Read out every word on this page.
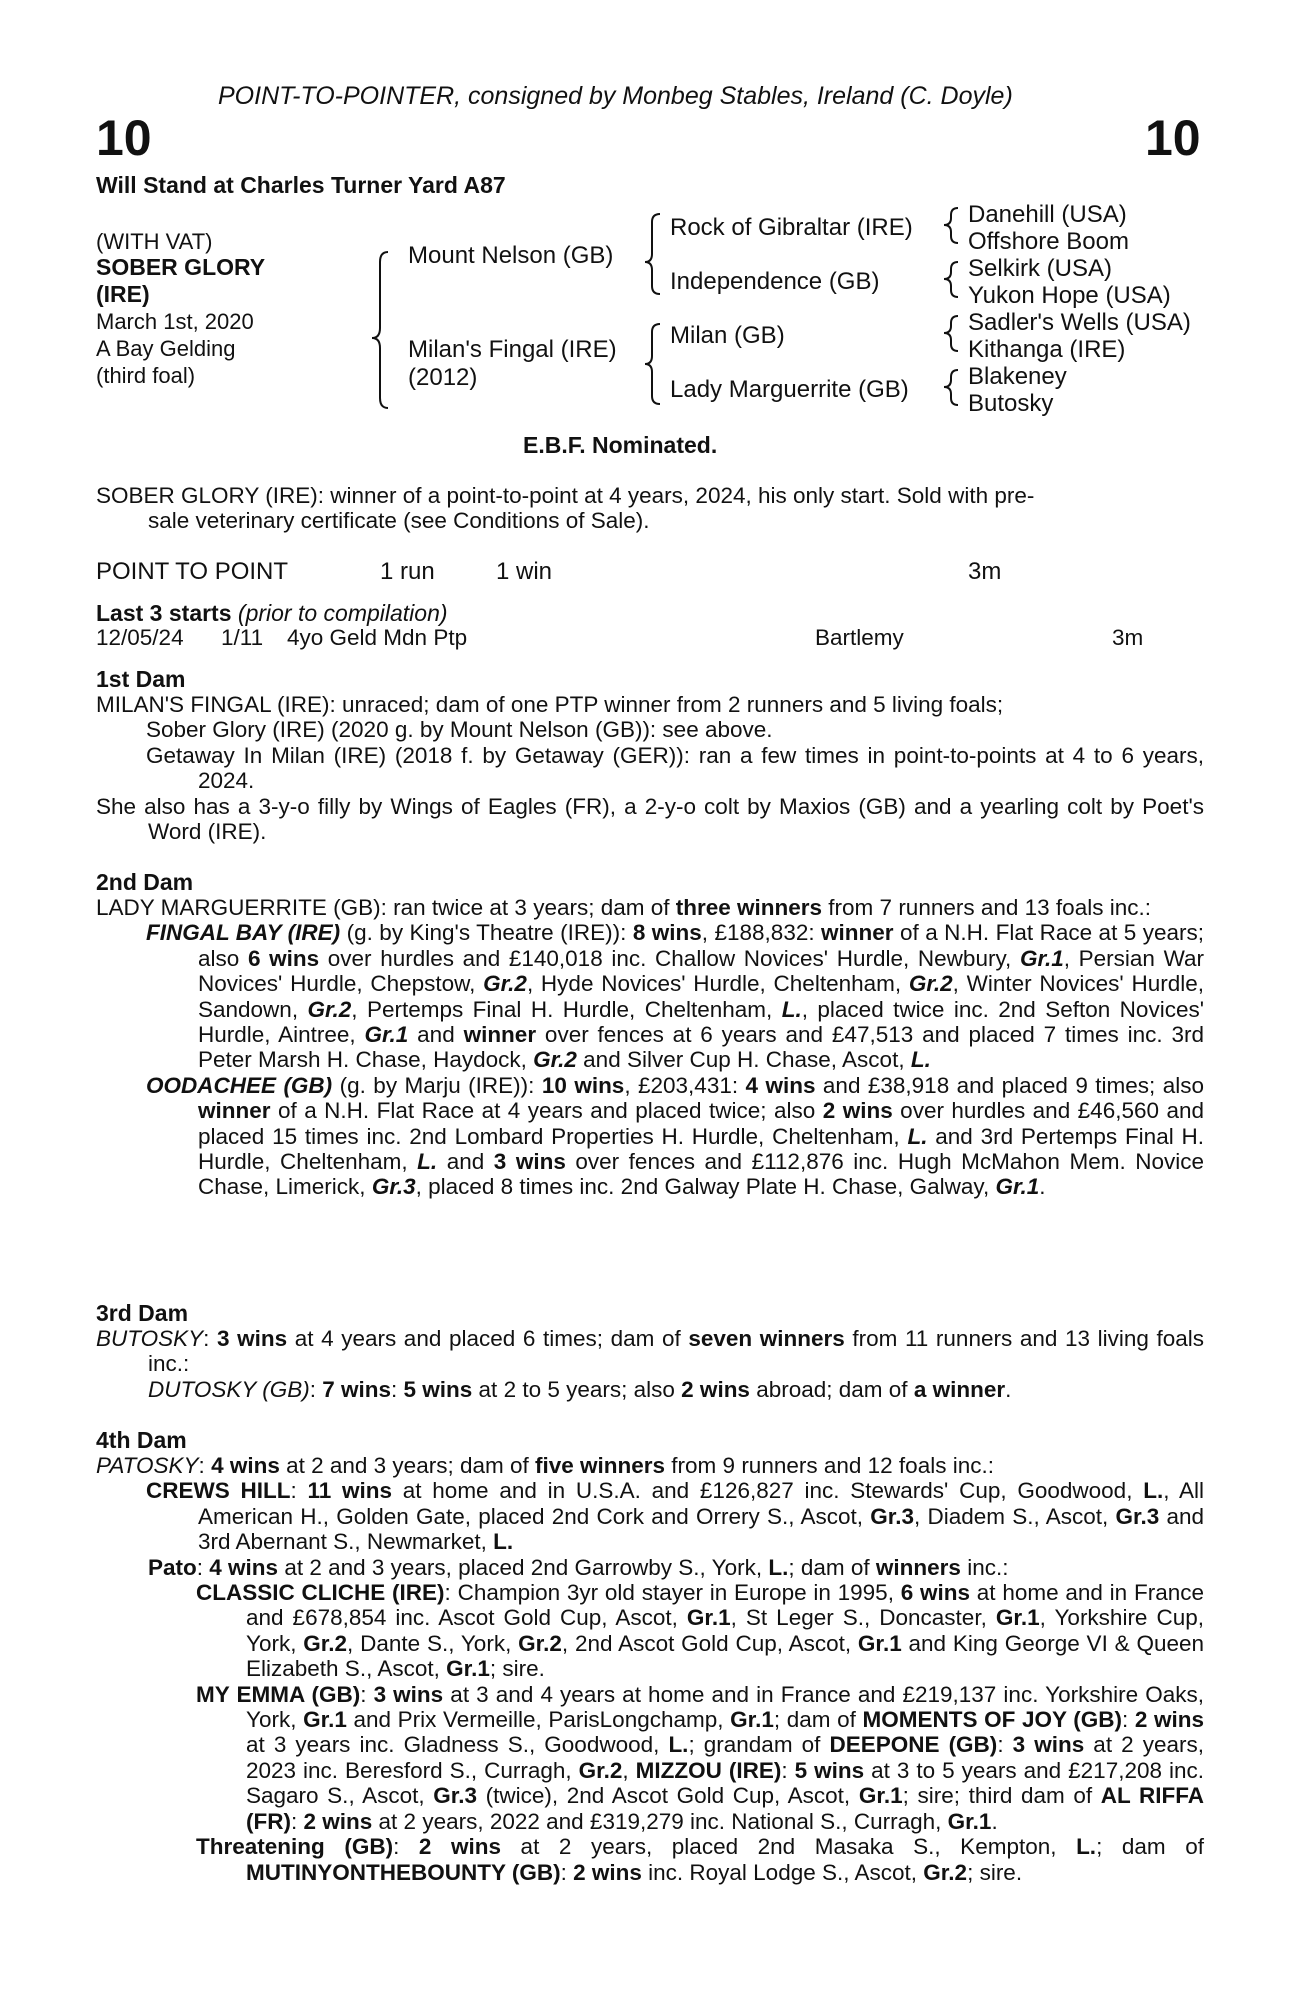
POINT-TO-POINTER, consigned by Monbeg Stables, Ireland (C. Doyle)
10	10
Will Stand at Charles Turner Yard A87
(WITH VAT)
SOBER GLORY
(IRE)
March 1st, 2020
A Bay Gelding
(third foal)
Mount Nelson (GB)
Milan's Fingal (IRE)
(2012)
Rock of Gibraltar (IRE)
Independence (GB)
Milan (GB)
Lady Marguerrite (GB)
Danehill (USA)
Offshore Boom
Selkirk (USA)
Yukon Hope (USA)
Sadler's Wells (USA)
Kithanga (IRE)
Blakeney
Butosky
E.B.F. Nominated.

SOBER GLORY (IRE): winner of a point-to-point at 4 years, 2024, his only start. Sold with pre-

sale veterinary certificate (see Conditions of Sale).

POINT TO POINT	1 run	1 win	3m
Last 3 starts (prior to compilation)
12/05/24 1/11 4yo Geld Mdn Ptp	Bartlemy	3m
1st Dam

MILAN'S FINGAL (IRE): unraced; dam of one PTP winner from 2 runners and 5 living foals;

Sober Glory (IRE) (2020 g. by Mount Nelson (GB)): see above.

Getaway In Milan (IRE) (2018 f. by Getaway (GER)): ran a few times in point-to-points at 4 to 6 years, 2024.

She also has a 3-y-o filly by Wings of Eagles (FR), a 2-y-o colt by Maxios (GB) and a yearling colt by Poet's Word (IRE).

2nd Dam

LADY MARGUERRITE (GB): ran twice at 3 years; dam of three winners from 7 runners and 13 foals inc.:

FINGAL BAY (IRE) (g. by King's Theatre (IRE)): 8 wins, £188,832: winner of a N.H. Flat Race at 5 years; also 6 wins over hurdles and £140,018 inc. Challow Novices' Hurdle, Newbury, Gr.1, Persian War Novices' Hurdle, Chepstow, Gr.2, Hyde Novices' Hurdle, Cheltenham, Gr.2, Winter Novices' Hurdle, Sandown, Gr.2, Pertemps Final H. Hurdle, Cheltenham, L., placed twice inc. 2nd Sefton Novices' Hurdle, Aintree, Gr.1 and winner over fences at 6 years and £47,513 and placed 7 times inc. 3rd Peter Marsh H. Chase, Haydock, Gr.2 and Silver Cup H. Chase, Ascot, L.

OODACHEE (GB) (g. by Marju (IRE)): 10 wins, £203,431: 4 wins and £38,918 and placed 9 times; also winner of a N.H. Flat Race at 4 years and placed twice; also 2 wins over hurdles and £46,560 and placed 15 times inc. 2nd Lombard Properties H. Hurdle, Cheltenham, L. and 3rd Pertemps Final H. Hurdle, Cheltenham, L. and 3 wins over fences and £112,876 inc. Hugh McMahon Mem. Novice Chase, Limerick, Gr.3, placed 8 times inc. 2nd Galway Plate H. Chase, Galway, Gr.1.

3rd Dam

BUTOSKY: 3 wins at 4 years and placed 6 times; dam of seven winners from 11 runners and 13 living foals inc.:

DUTOSKY (GB): 7 wins: 5 wins at 2 to 5 years; also 2 wins abroad; dam of a winner.

4th Dam

PATOSKY: 4 wins at 2 and 3 years; dam of five winners from 9 runners and 12 foals inc.:

CREWS HILL: 11 wins at home and in U.S.A. and £126,827 inc. Stewards' Cup, Goodwood, L., All American H., Golden Gate, placed 2nd Cork and Orrery S., Ascot, Gr.3, Diadem S., Ascot, Gr.3 and 3rd Abernant S., Newmarket, L.

Pato: 4 wins at 2 and 3 years, placed 2nd Garrowby S., York, L.; dam of winners inc.:

CLASSIC CLICHE (IRE): Champion 3yr old stayer in Europe in 1995, 6 wins at home and in France and £678,854 inc. Ascot Gold Cup, Ascot, Gr.1, St Leger S., Doncaster, Gr.1, Yorkshire Cup, York, Gr.2, Dante S., York, Gr.2, 2nd Ascot Gold Cup, Ascot, Gr.1 and King George VI & Queen Elizabeth S., Ascot, Gr.1; sire.

MY EMMA (GB): 3 wins at 3 and 4 years at home and in France and £219,137 inc. Yorkshire Oaks, York, Gr.1 and Prix Vermeille, ParisLongchamp, Gr.1; dam of MOMENTS OF JOY (GB): 2 wins at 3 years inc. Gladness S., Goodwood, L.; grandam of DEEPONE (GB): 3 wins at 2 years, 2023 inc. Beresford S., Curragh, Gr.2, MIZZOU (IRE): 5 wins at 3 to 5 years and £217,208 inc. Sagaro S., Ascot, Gr.3 (twice), 2nd Ascot Gold Cup, Ascot, Gr.1; sire; third dam of AL RIFFA (FR): 2 wins at 2 years, 2022 and £319,279 inc. National S., Curragh, Gr.1.

Threatening (GB): 2 wins at 2 years, placed 2nd Masaka S., Kempton, L.; dam of MUTINYONTHEBOUNTY (GB): 2 wins inc. Royal Lodge S., Ascot, Gr.2; sire.
